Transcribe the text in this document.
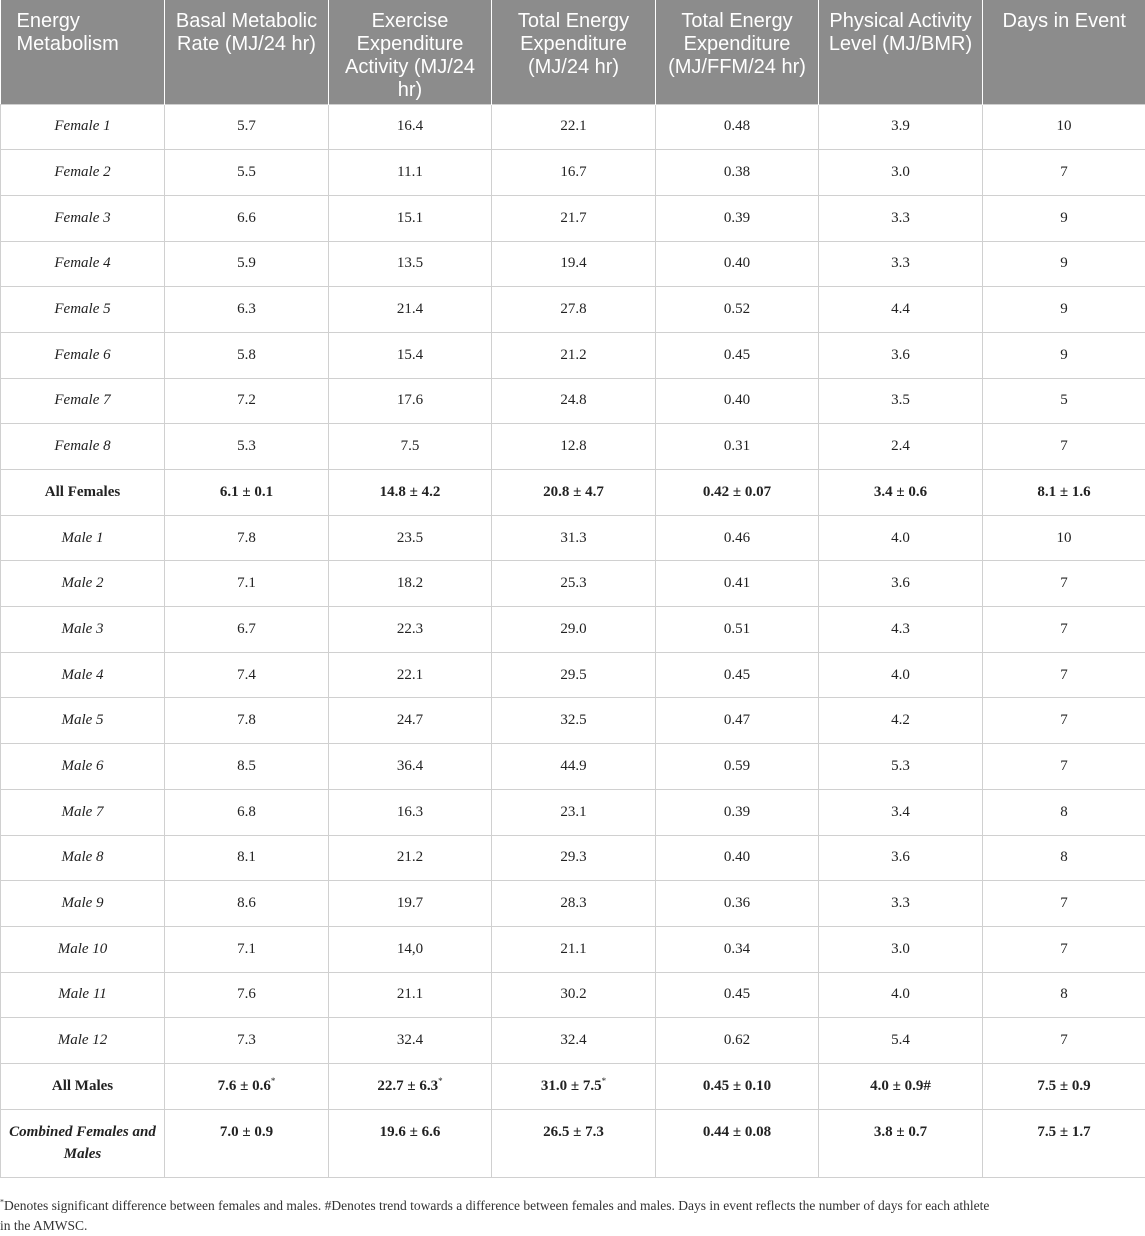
Energy Metabolism	Basal Metabolic Rate (MJ/24 hr)	Exercise Expenditure Activity (MJ/24 hr)	Total Energy Expenditure (MJ/24 hr)	Total Energy Expenditure (MJ/FFM/24 hr)	Physical Activity Level (MJ/BMR)	Days in Event
Female 1	5.7	16.4	22.1	0.48	3.9	10
Female 2	5.5	11.1	16.7	0.38	3.0	7
Female 3	6.6	15.1	21.7	0.39	3.3	9
Female 4	5.9	13.5	19.4	0.40	3.3	9
Female 5	6.3	21.4	27.8	0.52	4.4	9
Female 6	5.8	15.4	21.2	0.45	3.6	9
Female 7	7.2	17.6	24.8	0.40	3.5	5
Female 8	5.3	7.5	12.8	0.31	2.4	7
All Females	6.1 ± 0.1	14.8 ± 4.2	20.8 ± 4.7	0.42 ± 0.07	3.4 ± 0.6	8.1 ± 1.6
Male 1	7.8	23.5	31.3	0.46	4.0	10
Male 2	7.1	18.2	25.3	0.41	3.6	7
Male 3	6.7	22.3	29.0	0.51	4.3	7
Male 4	7.4	22.1	29.5	0.45	4.0	7
Male 5	7.8	24.7	32.5	0.47	4.2	7
Male 6	8.5	36.4	44.9	0.59	5.3	7
Male 7	6.8	16.3	23.1	0.39	3.4	8
Male 8	8.1	21.2	29.3	0.40	3.6	8
Male 9	8.6	19.7	28.3	0.36	3.3	7
Male 10	7.1	14,0	21.1	0.34	3.0	7
Male 11	7.6	21.1	30.2	0.45	4.0	8
Male 12	7.3	32.4	32.4	0.62	5.4	7
All Males	7.6 ± 0.6*	22.7 ± 6.3*	31.0 ± 7.5*	0.45 ± 0.10	4.0 ± 0.9#	7.5 ± 0.9
Combined Females and Males	7.0 ± 0.9	19.6 ± 6.6	26.5 ± 7.3	0.44 ± 0.08	3.8 ± 0.7	7.5 ± 1.7
*Denotes significant difference between females and males. #Denotes trend towards a difference between females and males. Days in event reflects the number of days for each athlete
in the AMWSC.
